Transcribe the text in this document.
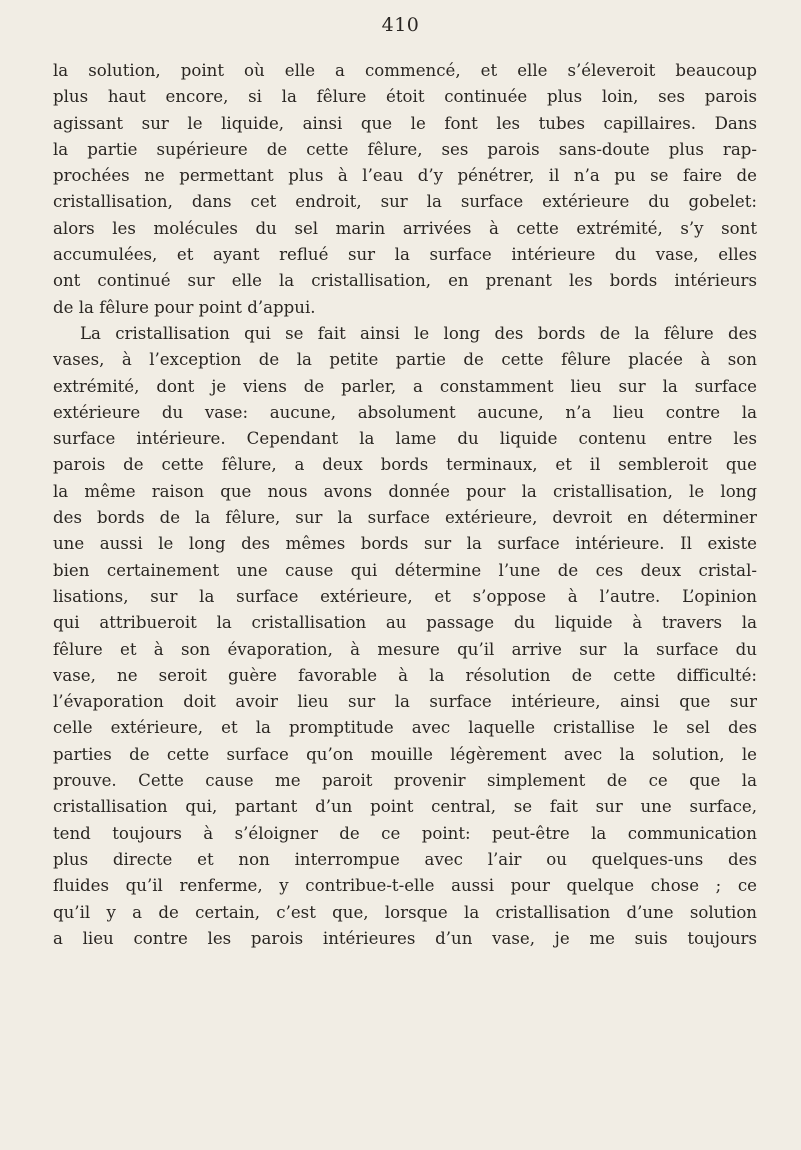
410
la solution, point où elle a commencé, et elle s’éleveroit beaucoup
plus haut encore, si la fêlure étoit continuée plus loin, ses parois
agissant sur le liquide, ainsi que le font les tubes capillaires. Dans
la partie supérieure de cette fêlure, ses parois sans-doute plus rap-
prochées ne permettant plus à l’eau d’y pénétrer, il n’a pu se faire de
cristallisation, dans cet endroit, sur la surface extérieure du gobelet:
alors les molécules du sel marin arrivées à cette extrémité, s’y sont
accumulées, et ayant reflué sur la surface intérieure du vase, elles
ont continué sur elle la cristallisation, en prenant les bords intérieurs
de la fêlure pour point d’appui.
La cristallisation qui se fait ainsi le long des bords de la fêlure des
vases, à l’exception de la petite partie de cette fêlure placée à son
extrémité, dont je viens de parler, a constamment lieu sur la surface
extérieure du vase: aucune, absolument aucune, n’a lieu contre la
surface intérieure. Cependant la lame du liquide contenu entre les
parois de cette fêlure, a deux bords terminaux, et il sembleroit que
la même raison que nous avons donnée pour la cristallisation, le long
des bords de la fêlure, sur la surface extérieure, devroit en déterminer
une aussi le long des mêmes bords sur la surface intérieure. Il existe
bien certainement une cause qui détermine l’une de ces deux cristal-
lisations, sur la surface extérieure, et s’oppose à l’autre. L’opinion
qui attribueroit la cristallisation au passage du liquide à travers la
fêlure et à son évaporation, à mesure qu’il arrive sur la surface du
vase, ne seroit guère favorable à la résolution de cette difficulté:
l’évaporation doit avoir lieu sur la surface intérieure, ainsi que sur
celle extérieure, et la promptitude avec laquelle cristallise le sel des
parties de cette surface qu’on mouille légèrement avec la solution, le
prouve. Cette cause me paroit provenir simplement de ce que la
cristallisation qui, partant d’un point central, se fait sur une surface,
tend toujours à s’éloigner de ce point: peut-être la communication
plus directe et non interrompue avec l’air ou quelques-uns des
fluides qu’il renferme, y contribue-t-elle aussi pour quelque chose ; ce
qu’il y a de certain, c’est que, lorsque la cristallisation d’une solution
a lieu contre les parois intérieures d’un vase, je me suis toujours
